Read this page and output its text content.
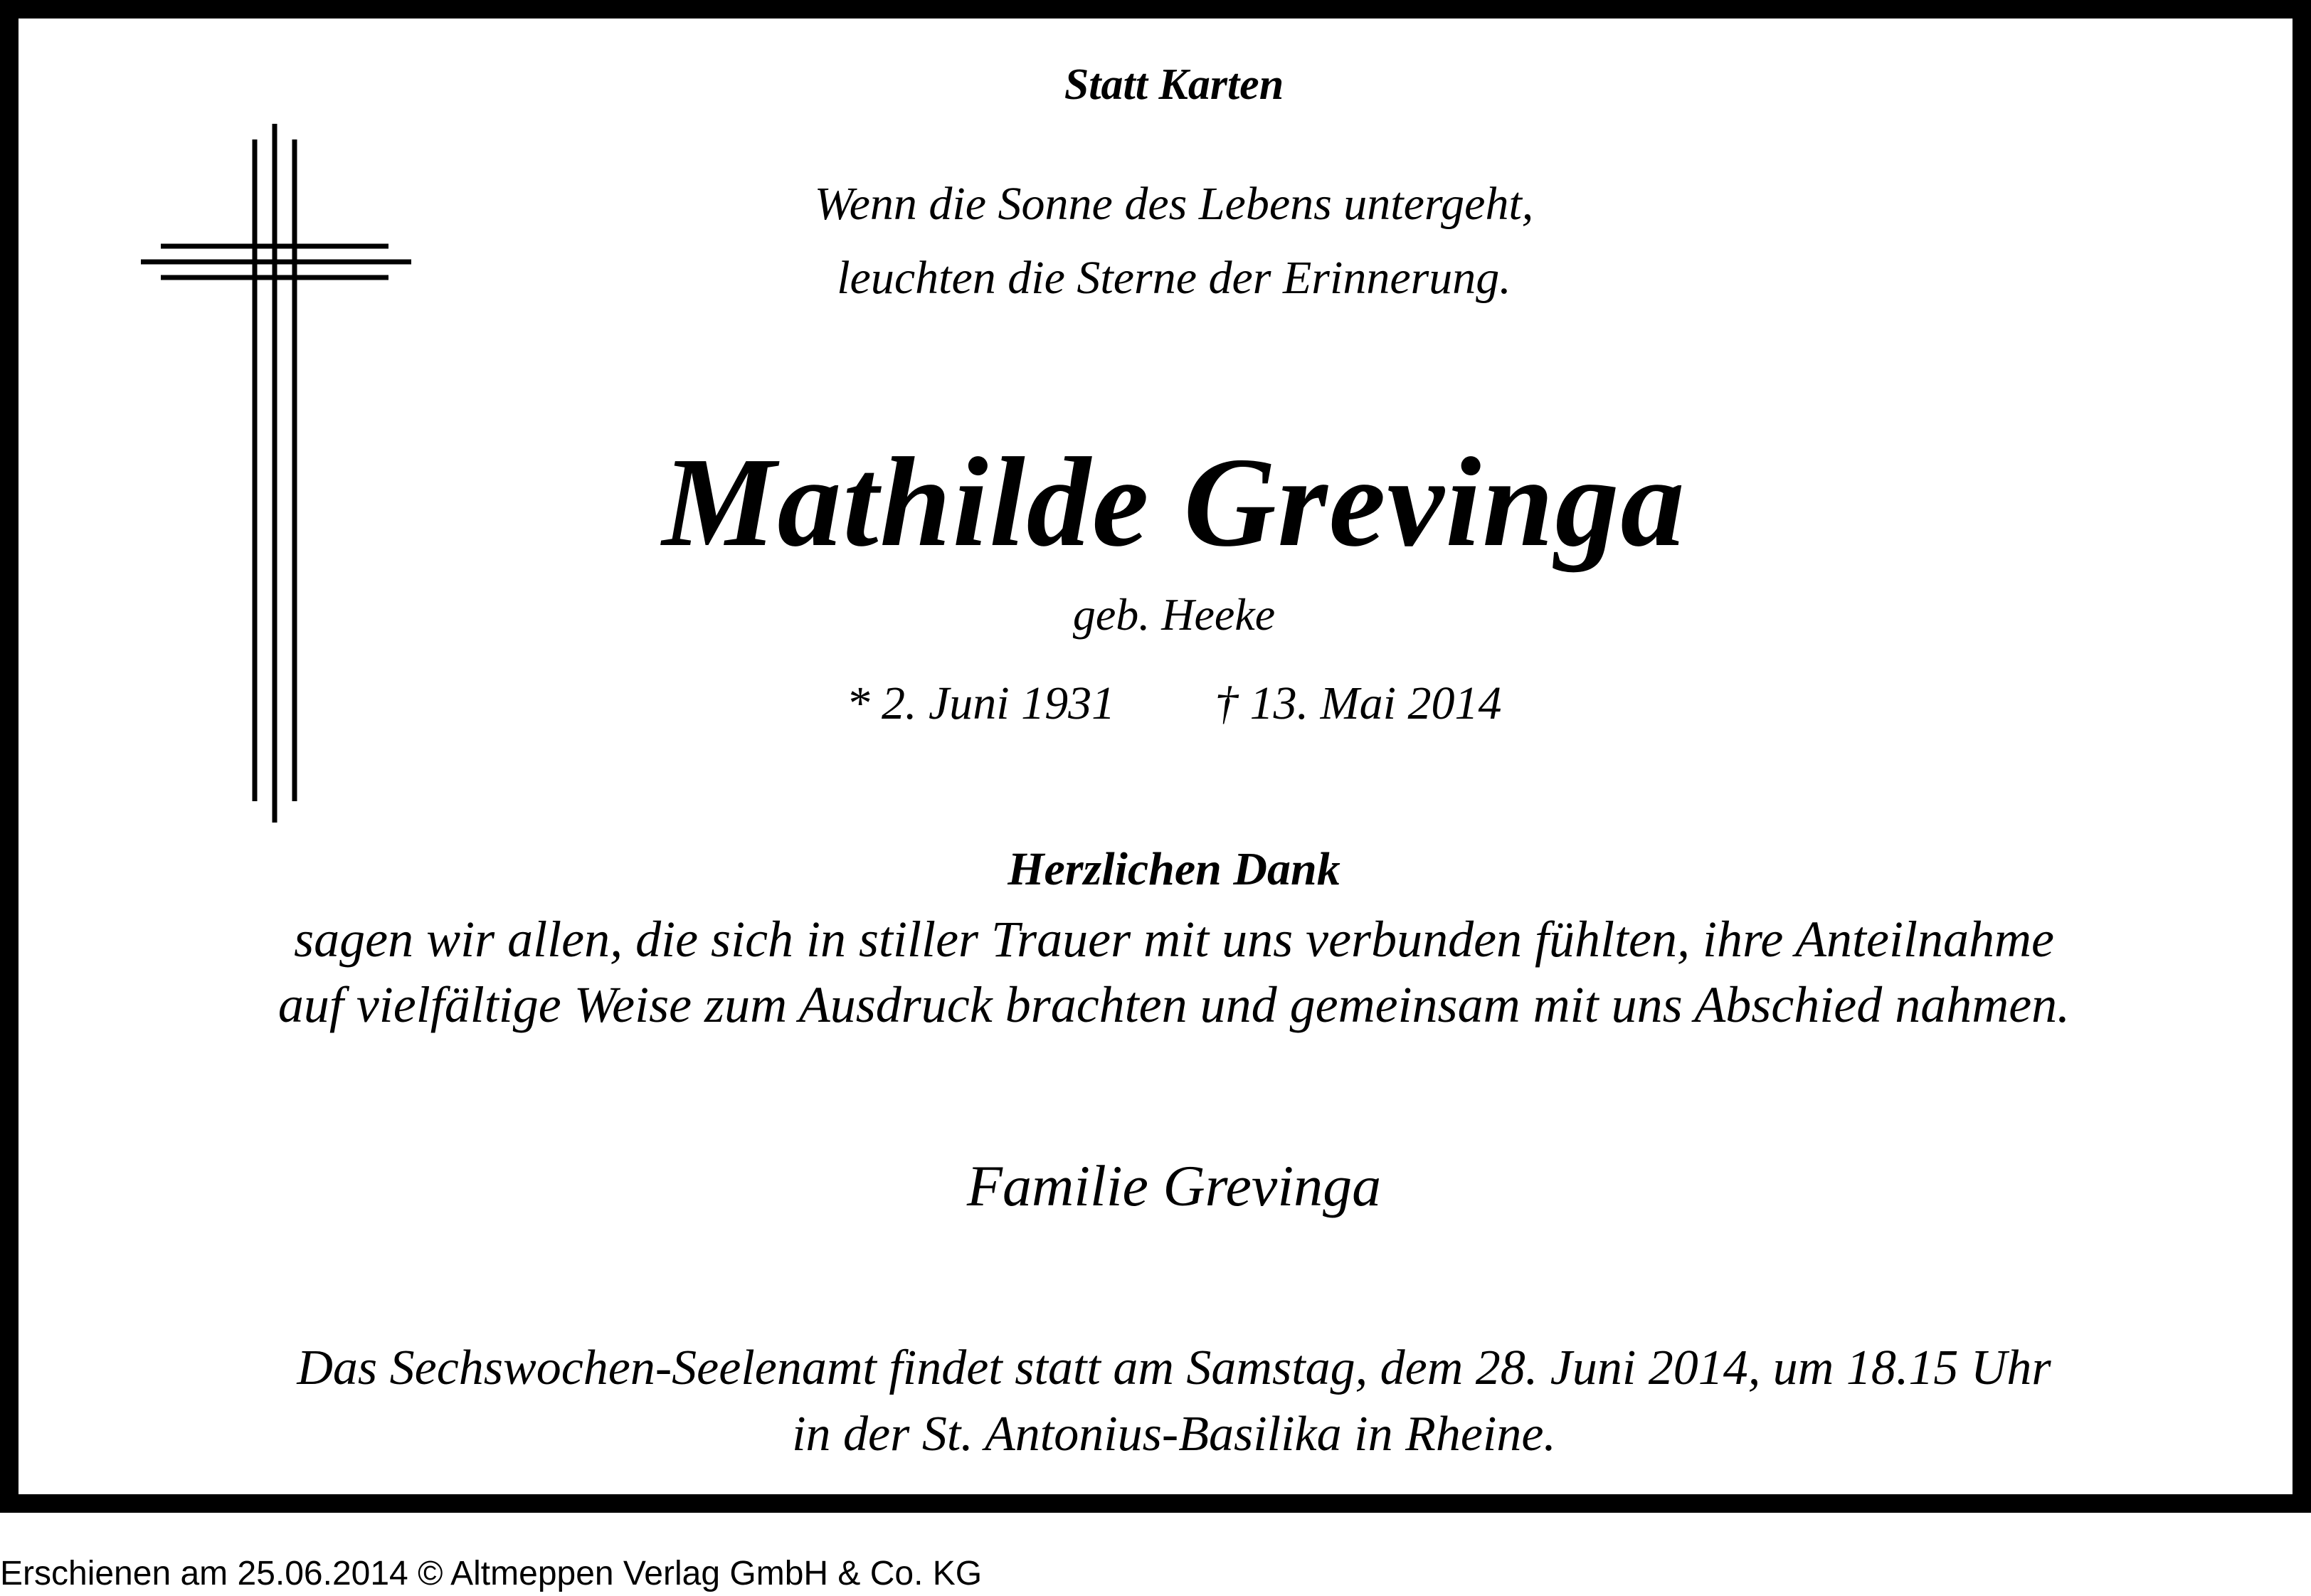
Statt Karten
Wenn die Sonne des Lebens untergeht,
leuchten die Sterne der Erinnerung.
Mathilde Grevinga
geb. Heeke
* 2. Juni 1931 † 13. Mai 2014
Herzlichen Dank
sagen wir allen, die sich in stiller Trauer mit uns verbunden fühlten, ihre Anteilnahme
auf vielfältige Weise zum Ausdruck brachten und gemeinsam mit uns Abschied nahmen.
Familie Grevinga
Das Sechswochen-Seelenamt findet statt am Samstag, dem 28. Juni 2014, um 18.15 Uhr
in der St. Antonius-Basilika in Rheine.
Erschienen am 25.06.2014 © Altmeppen Verlag GmbH & Co. KG
